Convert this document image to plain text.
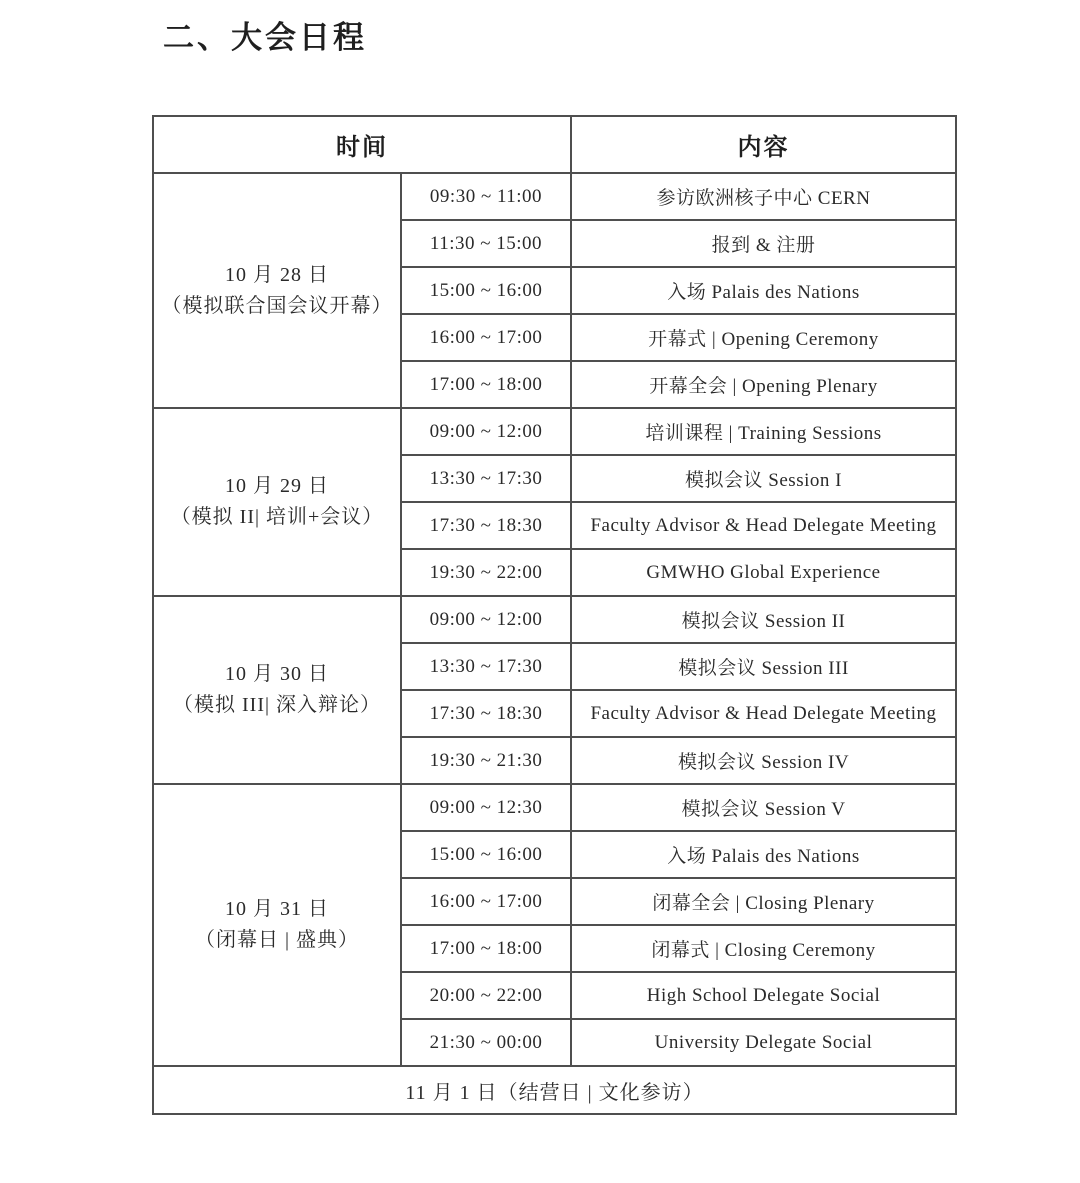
二、大会日程
时间		内容

10 月 28 日
（模拟联合国会议开幕）	09:30 ~ 11:00	参访欧洲核子中心 CERN
	11:30 ~ 15:00	报到 & 注册
	15:00 ~ 16:00	入场 Palais des Nations
	16:00 ~ 17:00	开幕式 | Opening Ceremony
	17:00 ~ 18:00	开幕全会 | Opening Plenary

10 月 29 日
（模拟 II| 培训+会议）	09:00 ~ 12:00	培训课程 | Training Sessions
	13:30 ~ 17:30	模拟会议 Session I
	17:30 ~ 18:30	Faculty Advisor & Head Delegate Meeting
	19:30 ~ 22:00	GMWHO Global Experience

10 月 30 日
（模拟 III| 深入辩论）	09:00 ~ 12:00	模拟会议 Session II
	13:30 ~ 17:30	模拟会议 Session III
	17:30 ~ 18:30	Faculty Advisor & Head Delegate Meeting
	19:30 ~ 21:30	模拟会议 Session IV

10 月 31 日
（闭幕日 | 盛典）	09:00 ~ 12:30	模拟会议 Session V
	15:00 ~ 16:00	入场 Palais des Nations
	16:00 ~ 17:00	闭幕全会 | Closing Plenary
	17:00 ~ 18:00	闭幕式 | Closing Ceremony
	20:00 ~ 22:00	High School Delegate Social
	21:30 ~ 00:00	University Delegate Social
11 月 1 日（结营日 | 文化参访）		
